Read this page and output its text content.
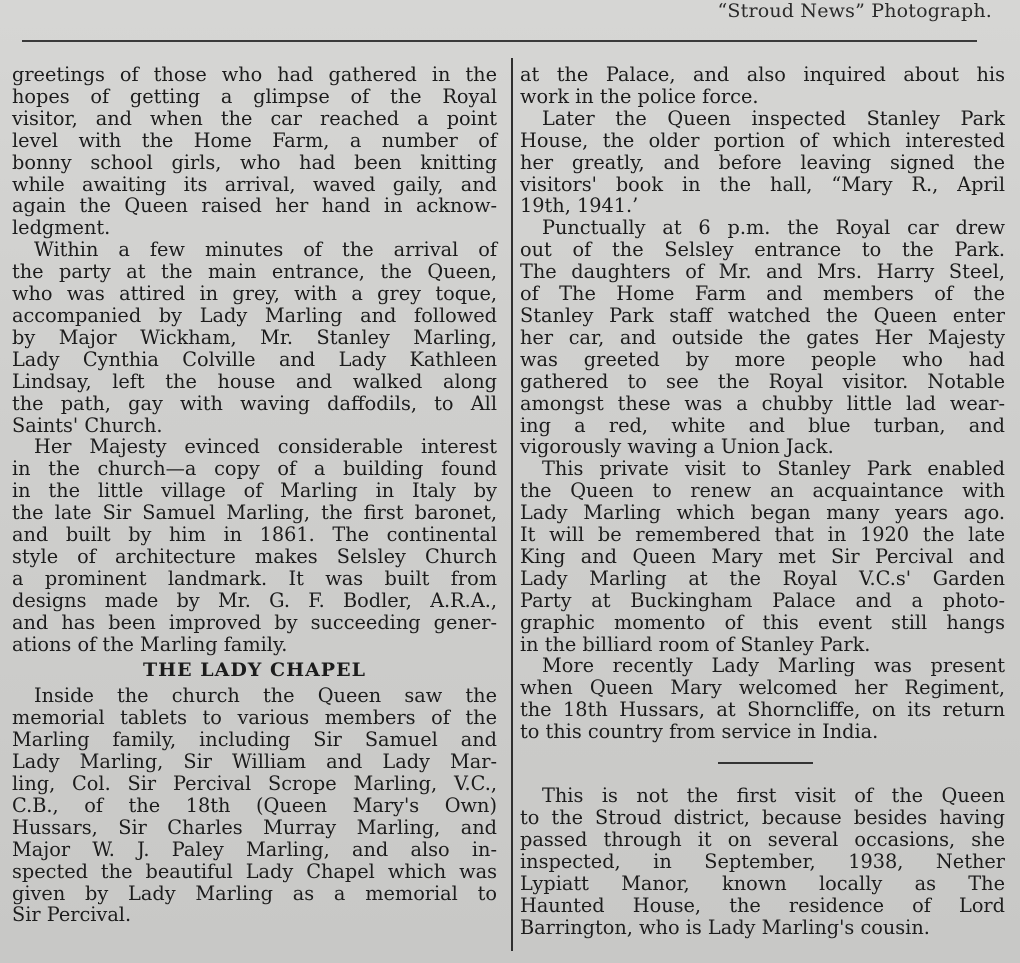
“Stroud News” Photograph.
greetings of those who had gathered in the
hopes of getting a glimpse of the Royal
visitor, and when the car reached a point
level with the Home Farm, a number of
bonny school girls, who had been knitting
while awaiting its arrival, waved gaily, and
again the Queen raised her hand in acknow-
ledgment.
Within a few minutes of the arrival of
the party at the main entrance, the Queen,
who was attired in grey, with a grey toque,
accompanied by Lady Marling and followed
by Major Wickham, Mr. Stanley Marling,
Lady Cynthia Colville and Lady Kathleen
Lindsay, left the house and walked along
the path, gay with waving daffodils, to All
Saints' Church.
Her Majesty evinced considerable interest
in the church—a copy of a building found
in the little village of Marling in Italy by
the late Sir Samuel Marling, the first baronet,
and built by him in 1861. The continental
style of architecture makes Selsley Church
a prominent landmark. It was built from
designs made by Mr. G. F. Bodler, A.R.A.,
and has been improved by succeeding gener-
ations of the Marling family.
THE LADY CHAPEL
Inside the church the Queen saw the
memorial tablets to various members of the
Marling family, including Sir Samuel and
Lady Marling, Sir William and Lady Mar-
ling, Col. Sir Percival Scrope Marling, V.C.,
C.B., of the 18th (Queen Mary's Own)
Hussars, Sir Charles Murray Marling, and
Major W. J. Paley Marling, and also in-
spected the beautiful Lady Chapel which was
given by Lady Marling as a memorial to
Sir Percival.
at the Palace, and also inquired about his
work in the police force.
Later the Queen inspected Stanley Park
House, the older portion of which interested
her greatly, and before leaving signed the
visitors' book in the hall, “Mary R., April
19th, 1941.’
Punctually at 6 p.m. the Royal car drew
out of the Selsley entrance to the Park.
The daughters of Mr. and Mrs. Harry Steel,
of The Home Farm and members of the
Stanley Park staff watched the Queen enter
her car, and outside the gates Her Majesty
was greeted by more people who had
gathered to see the Royal visitor. Notable
amongst these was a chubby little lad wear-
ing a red, white and blue turban, and
vigorously waving a Union Jack.
This private visit to Stanley Park enabled
the Queen to renew an acquaintance with
Lady Marling which began many years ago.
It will be remembered that in 1920 the late
King and Queen Mary met Sir Percival and
Lady Marling at the Royal V.C.s' Garden
Party at Buckingham Palace and a photo-
graphic momento of this event still hangs
in the billiard room of Stanley Park.
More recently Lady Marling was present
when Queen Mary welcomed her Regiment,
the 18th Hussars, at Shorncliffe, on its return
to this country from service in India.
This is not the first visit of the Queen
to the Stroud district, because besides having
passed through it on several occasions, she
inspected, in September, 1938, Nether
Lypiatt Manor, known locally as The
Haunted House, the residence of Lord
Barrington, who is Lady Marling's cousin.
